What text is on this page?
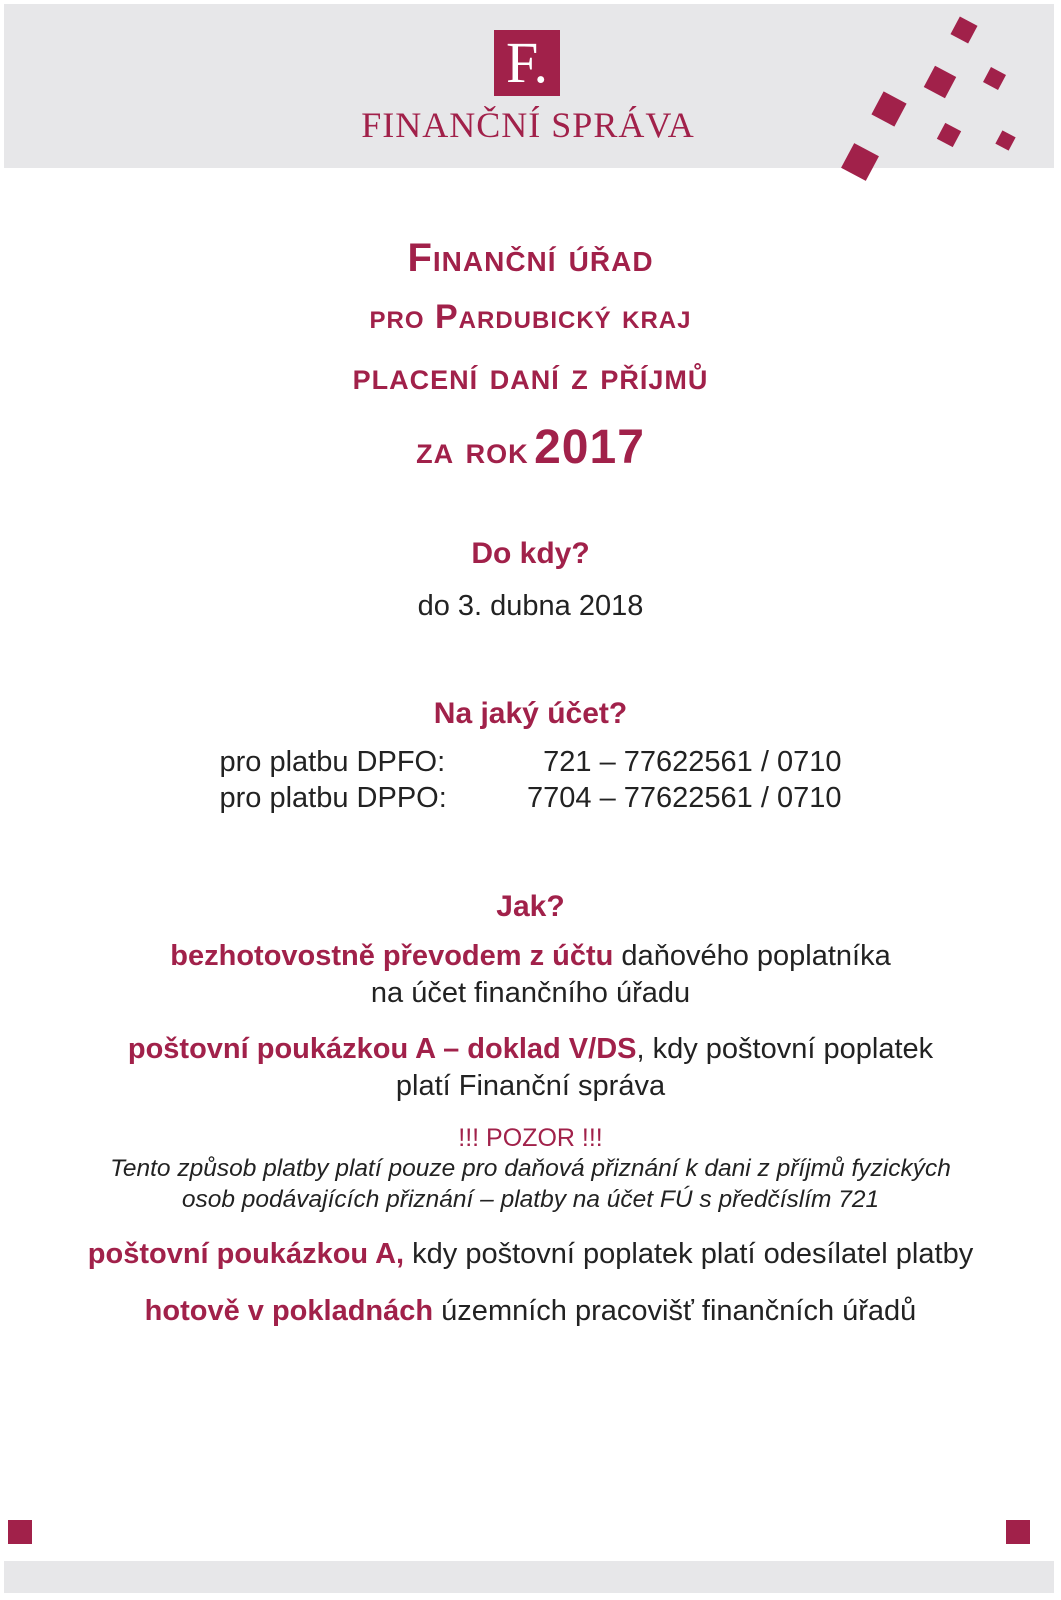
F.
FINANČNÍ SPRÁVA
Finanční úřad
pro Pardubický kraj
placení daní z příjmů
za rok 2017
Do kdy?
do 3. dubna 2018
Na jaký účet?
pro platbu DPFO:	721 – 77622561 / 0710
pro platbu DPPO:	7704 – 77622561 / 0710
Jak?
bezhotovostně převodem z účtu daňového poplatníka
na účet finančního úřadu
poštovní poukázkou A – doklad V/DS, kdy poštovní poplatek
platí Finanční správa
!!! POZOR !!!
Tento způsob platby platí pouze pro daňová přiznání k dani z příjmů fyzických
osob podávajících přiznání – platby na účet FÚ s předčíslím 721
poštovní poukázkou A, kdy poštovní poplatek platí odesílatel platby
hotově v pokladnách územních pracovišť finančních úřadů
